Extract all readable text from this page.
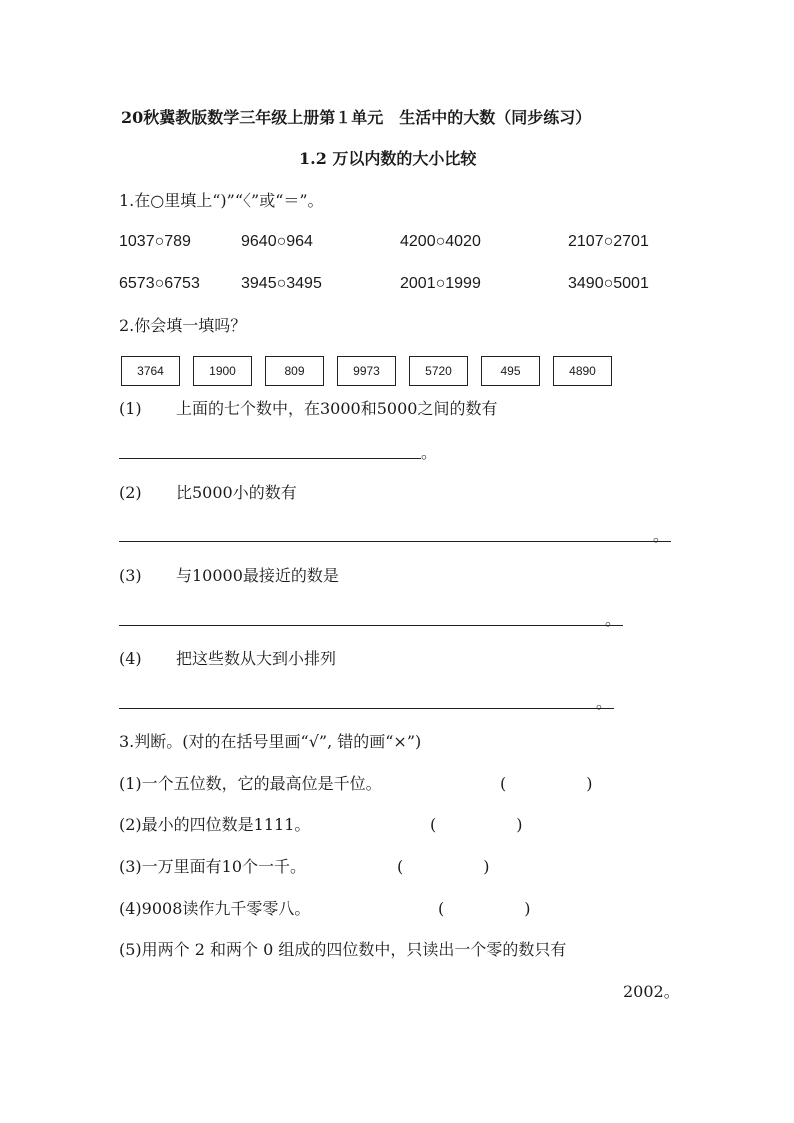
20秋冀教版数学三年级上册第１单元　生活中的大数（同步练习）
1.2 万以内数的大小比较
1.在○里填上“)”“〈”或“＝”。
1037○789	9640○964	4200○4020	2107○2701
6573○6753	3945○3495	2001○1999	3490○5001
2.你会填一填吗？
3764	1900	809	9973	5720	495	4890
(1) 上面的七个数中，在3000和5000之间的数有
。
(2) 比5000小的数有
。
(3) 与10000最接近的数是
。
(4) 把这些数从大到小排列
。
3.判断。(对的在括号里画“√”, 错的画“×”)
(1)一个五位数，它的最高位是千位。	(　　　　　)
(2)最小的四位数是1111。	(　　　　　)
(3)一万里面有10个一千。	(　　　　　)
(4)9008读作九千零零八。	(　　　　　)
(5)用两个 2 和两个 0 组成的四位数中，只读出一个零的数只有
2002。
